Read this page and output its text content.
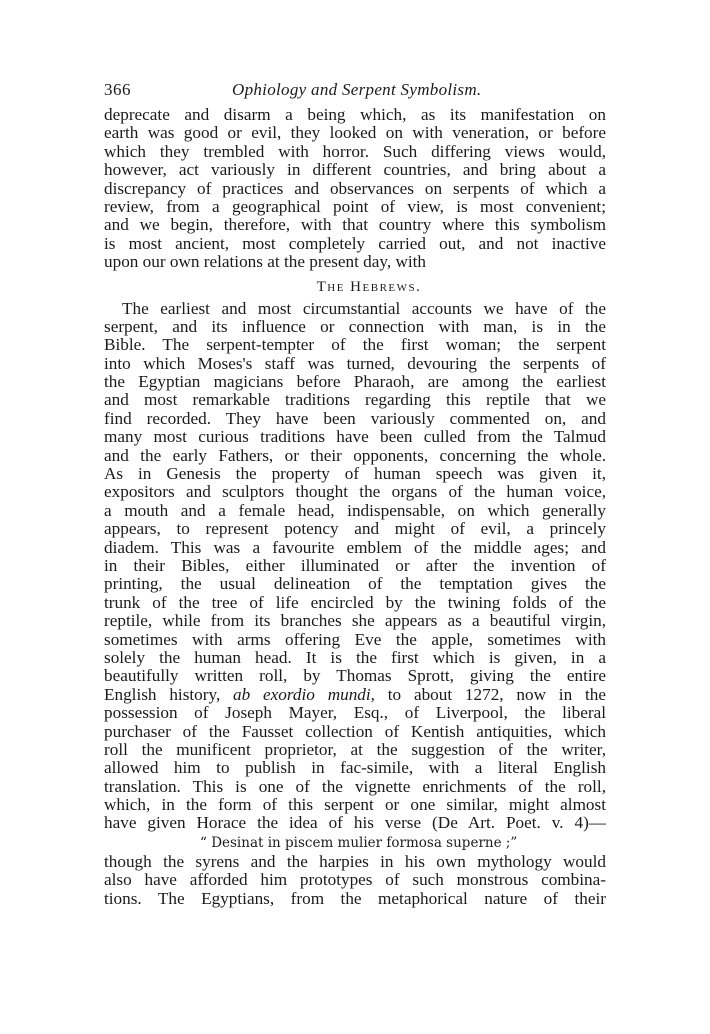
366	Ophiology and Serpent Symbolism.
deprecate and disarm a being which, as its manifestation on
earth was good or evil, they looked on with veneration, or before
which they trembled with horror. Such differing views would,
however, act variously in different countries, and bring about a
discrepancy of practices and observances on serpents of which a
review, from a geographical point of view, is most convenient;
and we begin, therefore, with that country where this symbolism
is most ancient, most completely carried out, and not inactive
upon our own relations at the present day, with
The Hebrews.
The earliest and most circumstantial accounts we have of the
serpent, and its influence or connection with man, is in the
Bible. The serpent-tempter of the first woman; the serpent
into which Moses's staff was turned, devouring the serpents of
the Egyptian magicians before Pharaoh, are among the earliest
and most remarkable traditions regarding this reptile that we
find recorded. They have been variously commented on, and
many most curious traditions have been culled from the Talmud
and the early Fathers, or their opponents, concerning the whole.
As in Genesis the property of human speech was given it,
expositors and sculptors thought the organs of the human voice,
a mouth and a female head, indispensable, on which generally
appears, to represent potency and might of evil, a princely
diadem. This was a favourite emblem of the middle ages; and
in their Bibles, either illuminated or after the invention of
printing, the usual delineation of the temptation gives the
trunk of the tree of life encircled by the twining folds of the
reptile, while from its branches she appears as a beautiful virgin,
sometimes with arms offering Eve the apple, sometimes with
solely the human head. It is the first which is given, in a
beautifully written roll, by Thomas Sprott, giving the entire
English history, ab exordio mundi, to about 1272, now in the
possession of Joseph Mayer, Esq., of Liverpool, the liberal
purchaser of the Fausset collection of Kentish antiquities, which
roll the munificent proprietor, at the suggestion of the writer,
allowed him to publish in fac-simile, with a literal English
translation. This is one of the vignette enrichments of the roll,
which, in the form of this serpent or one similar, might almost
have given Horace the idea of his verse (De Art. Poet. v. 4)—
“ Desinat in piscem mulier formosa superne ;”
though the syrens and the harpies in his own mythology would
also have afforded him prototypes of such monstrous combina-
tions. The Egyptians, from the metaphorical nature of their
